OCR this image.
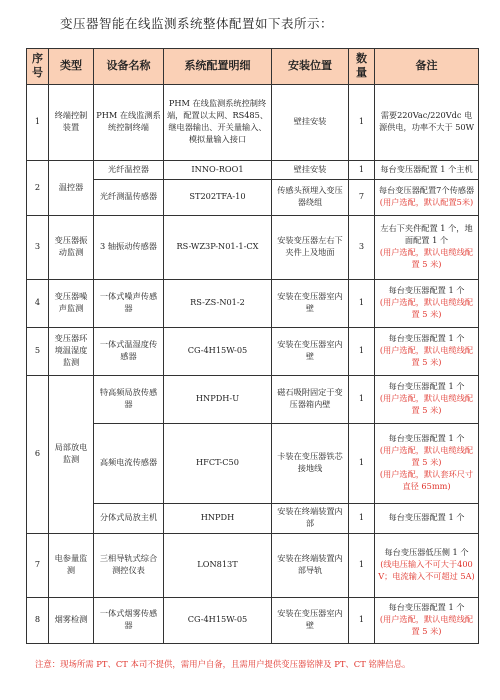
变压器智能在线监测系统整体配置如下表所示：
序号	类型	设备名称	系统配置明细	安装位置	数量	备注
1	终端控制装置	PHM 在线监测系统控制终端	PHM 在线监测系统控制终端，配置以太网、RS485、继电器输出、开关量输入、模拟量输入接口	壁挂安装	1	需要220Vac/220Vdc 电源供电，功率不大于 50W
2	温控器	光纤温控器	INNO-ROO1	壁挂安装	1	每台变压器配置 1 个主机
		光纤测温传感器	ST202TFA-10	传感头预埋入变压器绕组	7	每台变压器配置7个传感器
(用户选配，默认配置5米)

3	变压器振动监测	3 轴振动传感器	RS-WZ3P-N01-1-CX	安装变压器左右下夹件上及地面	3	左右下夹件配置 1 个，地面配置 1 个
(用户选配，默认电缆线配置 5 米)

4	变压器噪声监测	一体式噪声传感器	RS-ZS-N01-2	安装在变压器室内壁	1	每台变压器配置 1 个
(用户选配，默认电缆线配置 5 米)

5	变压器环境温湿度监测	一体式温湿度传感器	CG-4H15W-05	安装在变压器室内壁	1	每台变压器配置 1 个
(用户选配，默认电缆线配置 5 米)

6	局部放电监测	特高频局放传感器	HNPDH-U	磁石吸附固定于变压器箱内壁	1	每台变压器配置 1 个
(用户选配，默认电缆线配置 5 米)

		高频电流传感器	HFCT-C50	卡装在变压器铁芯接地线	1	每台变压器配置 1 个
(用户选配，默认电缆线配置 5 米)
(用户选配，默认套环尺寸直径 65mm)

		分体式局放主机	HNPDH	安装在终端装置内部	1	每台变压器配置 1 个
7	电参量监测	三相导轨式综合测控仪表	LON813T	安装在终端装置内部导轨	1	每台变压器低压侧 1 个
(线电压输入不可大于400V；电流输入不可超过 5A)

8	烟雾检测	一体式烟雾传感器	CG-4H15W-05	安装在变压器室内壁	1	每台变压器配置 1 个
(用户选配，默认电缆线配置 5 米)
注意：现场所需 PT、CT 本司不提供，需用户自备，且需用户提供变压器铭牌及 PT、CT 铭牌信息。
